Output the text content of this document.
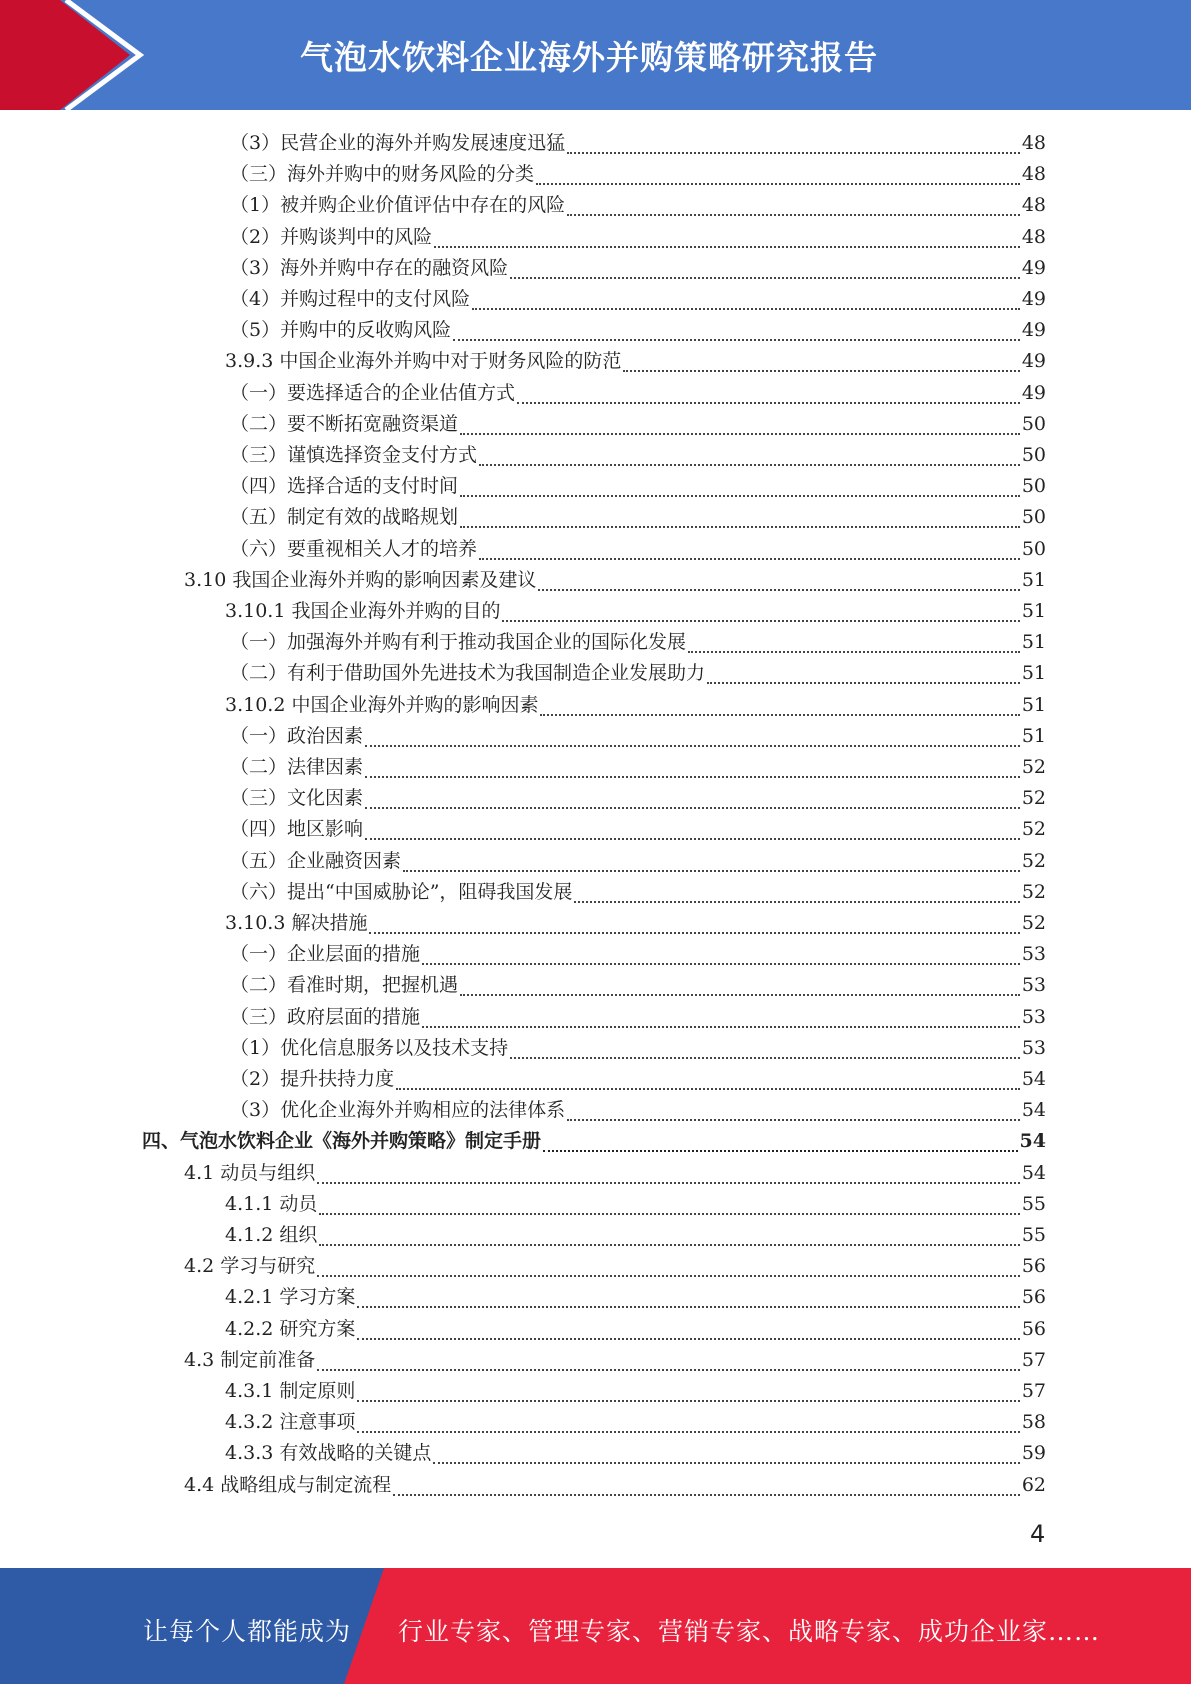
气泡水饮料企业海外并购策略研究报告
（3）民营企业的海外并购发展速度迅猛	48
（三）海外并购中的财务风险的分类	48
（1）被并购企业价值评估中存在的风险	48
（2）并购谈判中的风险	48
（3）海外并购中存在的融资风险	49
（4）并购过程中的支付风险	49
（5）并购中的反收购风险	49
3.9.3 中国企业海外并购中对于财务风险的防范	49
（一）要选择适合的企业估值方式	49
（二）要不断拓宽融资渠道	50
（三）谨慎选择资金支付方式	50
（四）选择合适的支付时间	50
（五）制定有效的战略规划	50
（六）要重视相关人才的培养	50
3.10 我国企业海外并购的影响因素及建议	51
3.10.1 我国企业海外并购的目的	51
（一）加强海外并购有利于推动我国企业的国际化发展	51
（二）有利于借助国外先进技术为我国制造企业发展助力	51
3.10.2 中国企业海外并购的影响因素	51
（一）政治因素	51
（二）法律因素	52
（三）文化因素	52
（四）地区影响	52
（五）企业融资因素	52
（六）提出“中国威胁论”，阻碍我国发展	52
3.10.3 解决措施	52
（一）企业层面的措施	53
（二）看准时期，把握机遇	53
（三）政府层面的措施	53
（1）优化信息服务以及技术支持	53
（2）提升扶持力度	54
（3）优化企业海外并购相应的法律体系	54
四、气泡水饮料企业《海外并购策略》制定手册	54
4.1 动员与组织	54
4.1.1 动员	55
4.1.2 组织	55
4.2 学习与研究	56
4.2.1 学习方案	56
4.2.2 研究方案	56
4.3 制定前准备	57
4.3.1 制定原则	57
4.3.2 注意事项	58
4.3.3 有效战略的关键点	59
4.4 战略组成与制定流程	62
4
让每个人都能成为 行业专家、管理专家、营销专家、战略专家、成功企业家……
